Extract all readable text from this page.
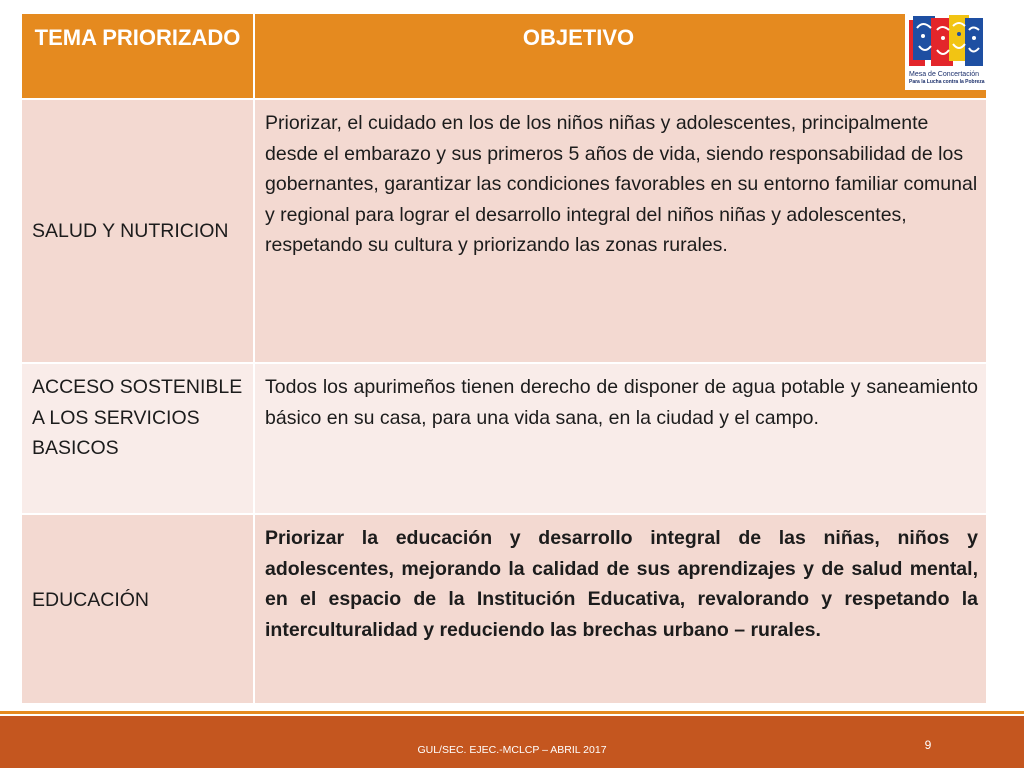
TEMA PRIORIZADO	OBJETIVO
SALUD Y NUTRICION	Priorizar, el cuidado en los de los niños niñas y adolescentes, principalmente desde el embarazo y sus primeros 5 años de vida, siendo responsabilidad de los gobernantes, garantizar las condiciones favorables en su entorno familiar comunal y regional para lograr el desarrollo integral del niños niñas y adolescentes, respetando su cultura y priorizando las zonas rurales.
ACCESO SOSTENIBLE A LOS SERVICIOS BASICOS	Todos los apurimeños tienen derecho de disponer de agua potable y saneamiento básico en su casa, para una vida sana, en la ciudad y el campo.
EDUCACIÓN	Priorizar la educación y desarrollo integral de las niñas, niños y adolescentes, mejorando la calidad de sus aprendizajes y de salud mental, en el espacio de la Institución Educativa, revalorando y respetando la interculturalidad y reduciendo las brechas urbano – rurales.
Mesa de Concertación
Para la Lucha contra la Pobreza
GUL/SEC. EJEC.-MCLCP – ABRIL 2017	9
